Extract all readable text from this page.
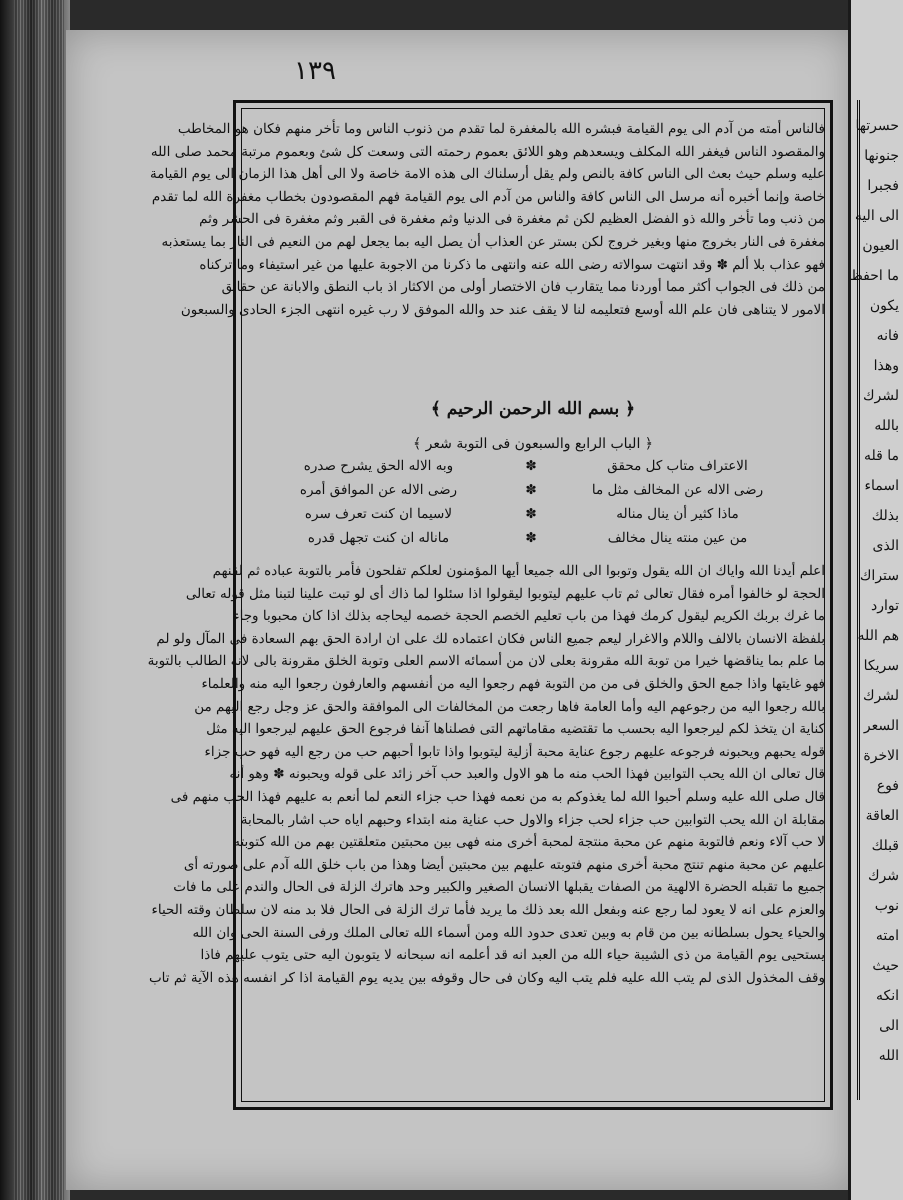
حسرتها
جنونها
فجبرا
الى اليه
العيون
ما احفظ
يكون
فانه
وهذا
لشرك
بالله
ما قله
اسماء
بذلك
الذى
ستراك
توارد
هم الله
سريكا
لشرك
السعر
الاخرة
فوع
العاقة
قبلك
شرك
نوب
امته
حيث
انكه
الى
الله
١٣٩
فالناس أمته من آدم الى يوم القيامة فبشره الله بالمغفرة لما تقدم من ذنوب الناس وما تأخر منهم فكان هو المخاطب
والمقصود الناس فيغفر الله المكلف ويسعدهم وهو اللائق بعموم رحمته التى وسعت كل شئ وبعموم مرتبة محمد صلى الله
عليه وسلم حيث بعث الى الناس كافة بالنص ولم يقل أرسلناك الى هذه الامة خاصة ولا الى أهل هذا الزمان الى يوم القيامة
خاصة وإنما أخبره أنه مرسل الى الناس كافة والناس من آدم الى يوم القيامة فهم المقصودون بخطاب مغفرة الله لما تقدم
من ذنب وما تأخر والله ذو الفضل العظيم لكن ثم مغفرة فى الدنيا وثم مغفرة فى القبر وثم مغفرة فى الحشر وثم
مغفرة فى النار بخروج منها وبغير خروج لكن بستر عن العذاب أن يصل اليه بما يجعل لهم من النعيم فى النار بما يستعذبه
فهو عذاب بلا ألم ✽ وقد انتهت سوالاته رضى الله عنه وانتهى ما ذكرنا من الاجوبة عليها من غير استيفاء وما تركناه
من ذلك فى الجواب أكثر مما أوردنا مما يتقارب فان الاختصار أولى من الاكثار اذ باب النطق والابانة عن حقائق
الامور لا يتناهى فان علم الله أوسع فتعليمه لنا لا يقف عند حد والله الموفق لا رب غيره انتهى الجزء الحادى والسبعون
﴿ بسم الله الرحمن الرحيم ﴾
﴿ الباب الرابع والسبعون فى التوبة شعر ﴾
الاعتراف متاب كل محقق
✽
وبه الاله الحق يشرح صدره
رضى الاله عن المخالف مثل ما
✽
رضى الاله عن الموافق أمره
ماذا كثير أن ينال مناله
✽
لاسيما ان كنت تعرف سره
من عين منته ينال مخالف
✽
ماناله ان كنت تجهل قدره
اعلم أيدنا الله واياك ان الله يقول وتوبوا الى الله جميعا أيها المؤمنون لعلكم تفلحون فأمر بالتوبة عباده ثم لقنهم
الحجة لو خالفوا أمره فقال تعالى ثم تاب عليهم ليتوبوا ليقولوا اذا سئلوا لما ذاك أى لو تبت علينا لتبنا مثل قوله تعالى
ما غرك بربك الكريم ليقول كرمك فهذا من باب تعليم الخصم الحجة خصمه ليحاجه بذلك اذا كان محبوبا وجاء
بلفظة الانسان بالالف واللام والاغرار ليعم جميع الناس فكان اعتماده لك على ان ارادة الحق بهم السعادة فى المآل ولو لم
ما علم بما يناقضها خيرا من توبة الله مقرونة بعلى لان من أسمائه الاسم العلى وتوبة الخلق مقرونة بالى لانه الطالب بالتوبة
فهو غايتها واذا جمع الحق والخلق فى من من التوبة فهم رجعوا اليه من أنفسهم والعارفون رجعوا اليه منه والعلماء
بالله رجعوا اليه من رجوعهم اليه وأما العامة فاها رجعت من المخالفات الى الموافقة والحق عز وجل رجع اليهم من
كناية ان يتخذ لكم ليرجعوا اليه بحسب ما تقتضيه مقاماتهم التى فصلناها آنفا فرجوع الحق عليهم ليرجعوا اليه مثل
قوله يحبهم ويحبونه فرجوعه عليهم رجوع عناية محبة أزلية ليتوبوا واذا تابوا أحبهم حب من رجع اليه فهو حب جزاء
قال تعالى ان الله يحب التوابين فهذا الحب منه ما هو الاول والعبد حب آخر زائد على قوله ويحبونه ✽ وهو أنه
قال صلى الله عليه وسلم أحبوا الله لما يغذوكم به من نعمه فهذا حب جزاء النعم لما أنعم به عليهم فهذا الحب منهم فى
مقابلة ان الله يحب التوابين حب جزاء لحب جزاء والاول حب عناية منه ابتداء وحبهم اياه حب اشار بالمحابة
لا حب آلاء ونعم فالتوبة منهم عن محبة منتجة لمحبة أخرى منه فهى بين محبتين متعلقتين بهم من الله كتوبته
عليهم عن محبة منهم تنتج محبة أخرى منهم فتوبته عليهم بين محبتين أيضا وهذا من باب خلق الله آدم على صورته أى
جميع ما تقبله الحضرة الالهية من الصفات يقبلها الانسان الصغير والكبير وحد هاترك الزلة فى الحال والندم على ما فات
والعزم على انه لا يعود لما رجع عنه وبفعل الله بعد ذلك ما يريد فأما ترك الزلة فى الحال فلا بد منه لان سلطان وقته الحياء
والحياء يحول بسلطانه بين من قام به وبين تعدى حدود الله ومن أسماء الله تعالى الملك ورفى السنة الحى وان الله
يستحيى يوم القيامة من ذى الشيبة حياء الله من العبد انه قد أعلمه انه سبحانه لا يتوبون اليه حتى يتوب عليهم فاذا
وقف المخذول الذى لم يتب الله عليه فلم يتب اليه وكان فى حال وقوفه بين يديه يوم القيامة اذا كر انفسه هذه الآية ثم تاب
